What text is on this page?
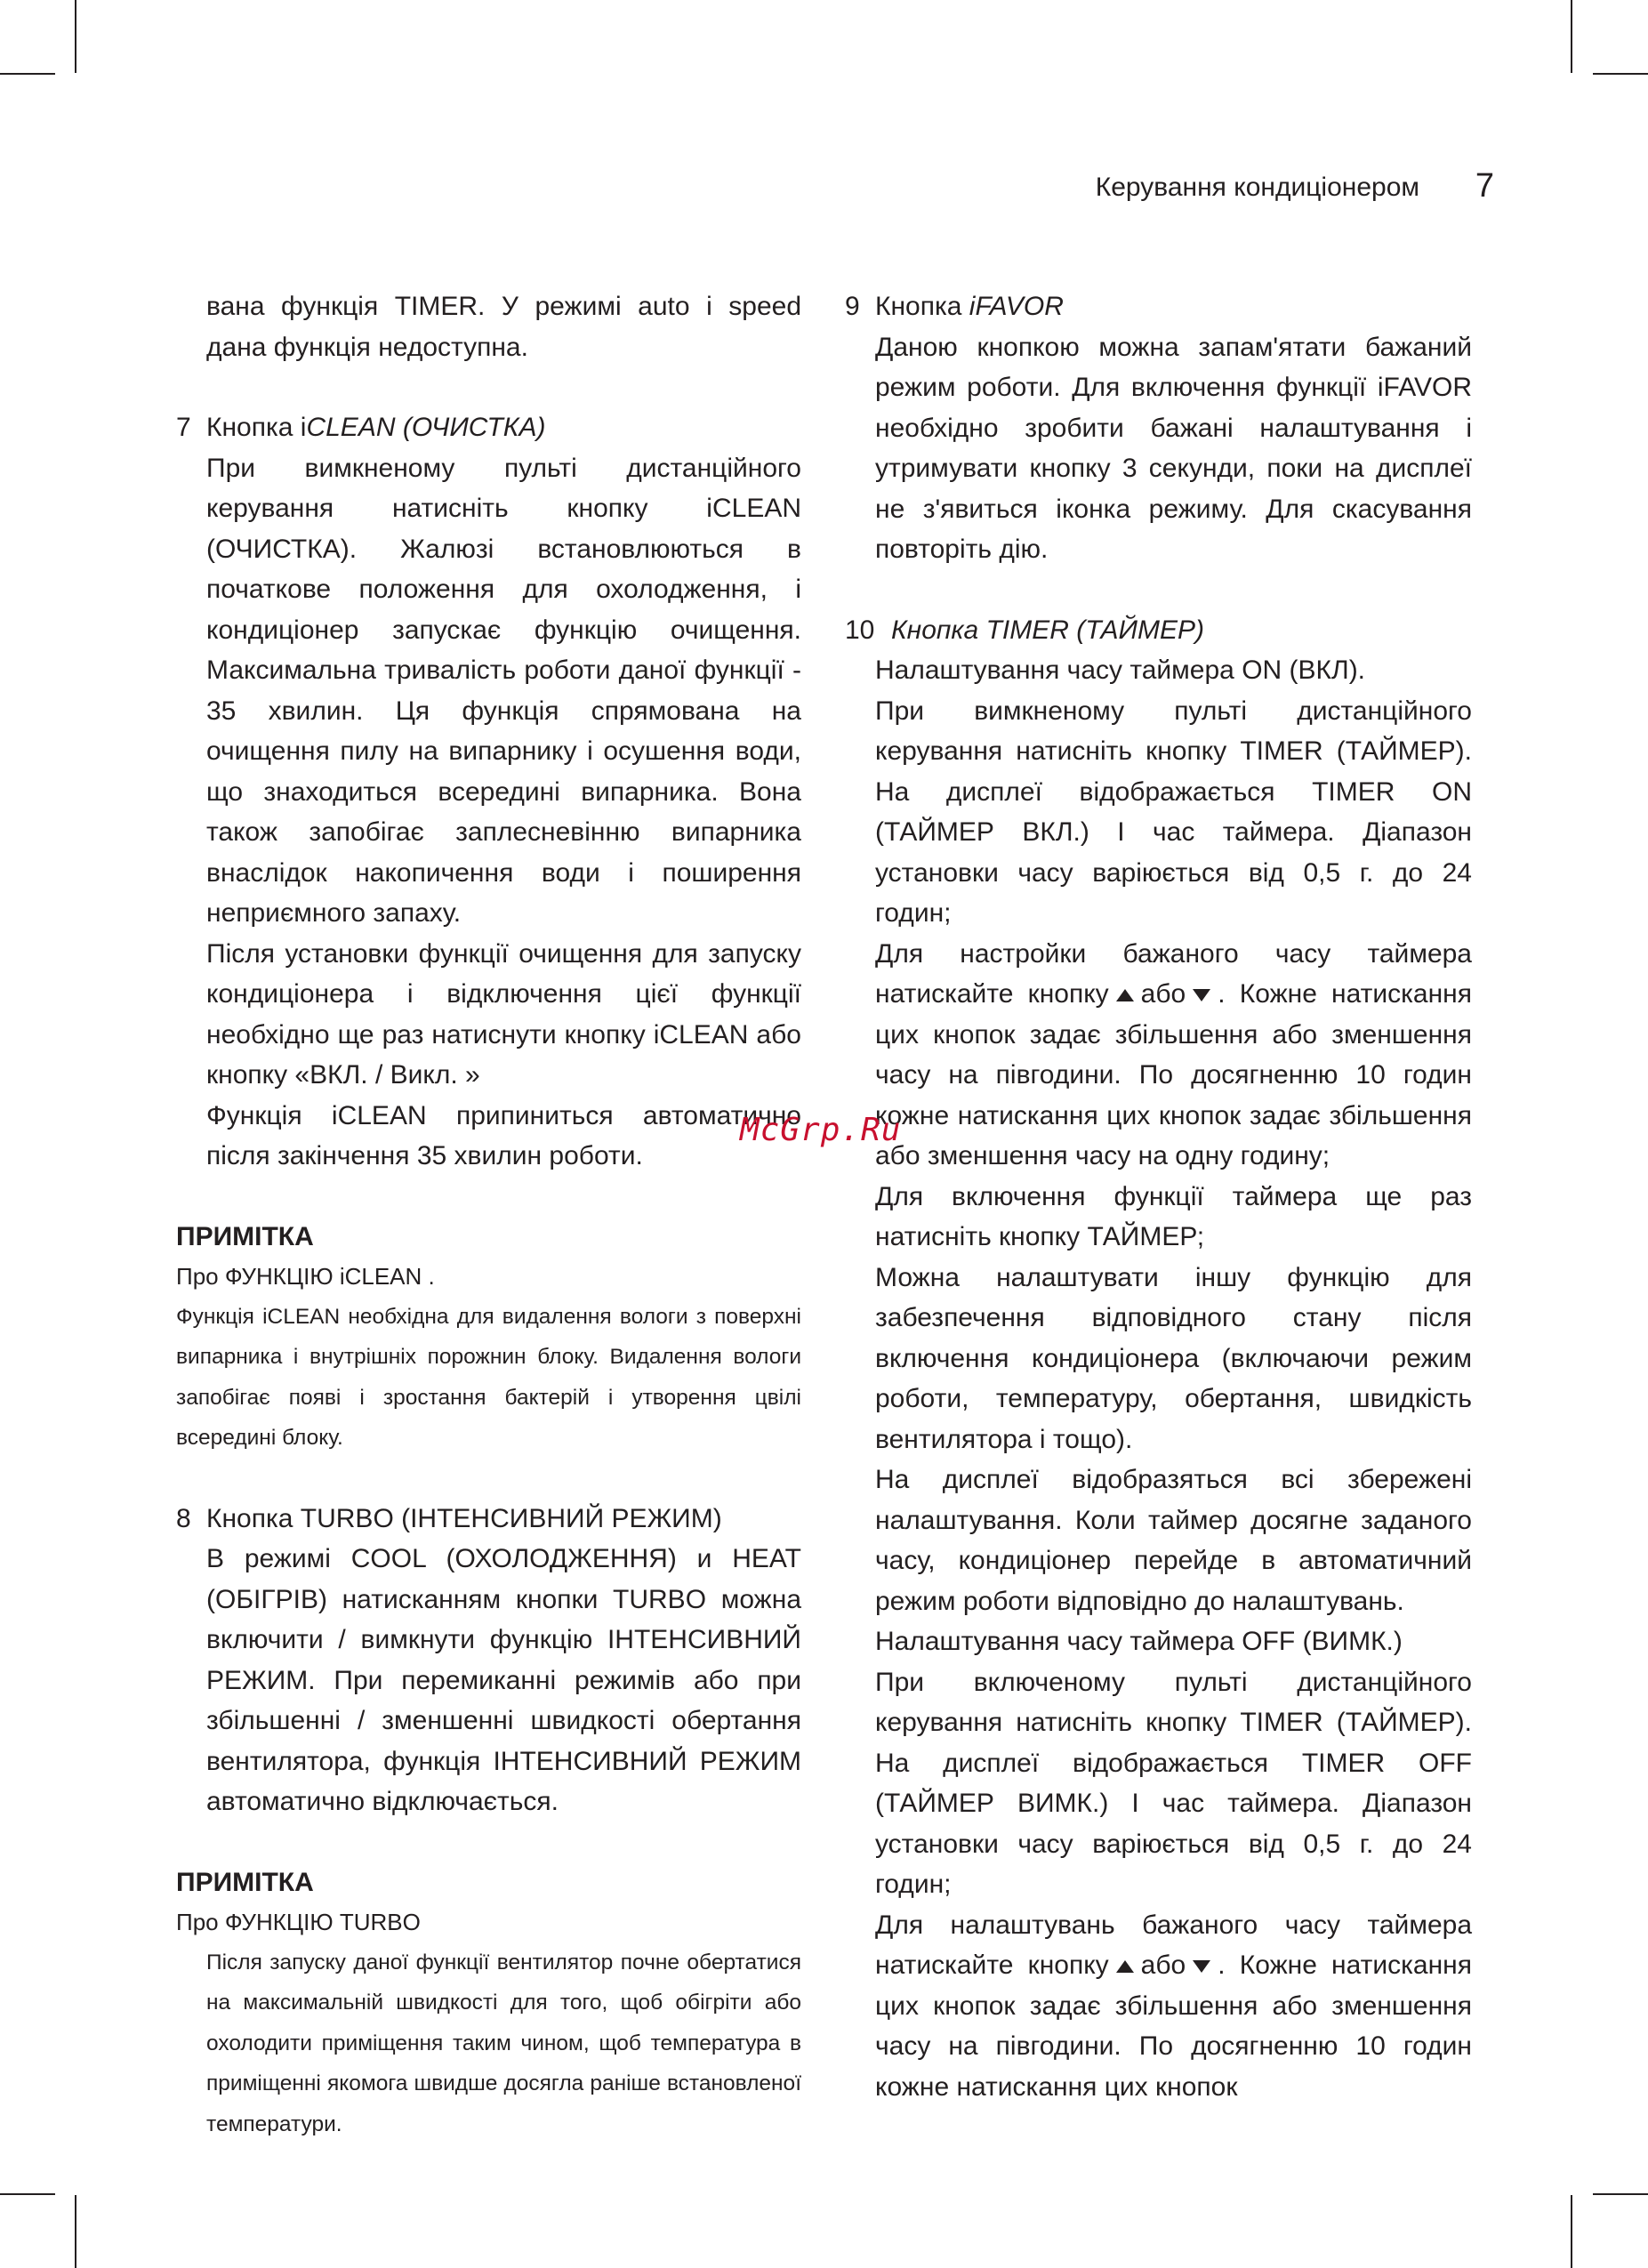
Керування кондиціонером 7

вана функція TIMER. У режимі auto і speed дана функція недоступна.

7 Кнопка iCLEAN (ОЧИСТКА)

При вимкненому пульті дистанційного керування натисніть кнопку iCLEAN (ОЧИСТКА). Жалюзі встановлюються в початкове положення для охолодження, і кондиціонер запускає функцію очищення. Максимальна тривалість роботи даної функції - 35 хвилин. Ця функція спрямована на очищення пилу на випарнику і осушення води, що знаходиться всередині випарника. Вона також запобігає заплесневінню випарника внаслідок накопичення води і поширення неприємного запаху.

Після установки функції очищення для запуску кондиціонера і відключення цієї функції необхідно ще раз натиснути кнопку iCLEAN або кнопку «ВКЛ. / Викл. »

Функція iCLEAN припиниться автоматично після закінчення 35 хвилин роботи.

ПРИМІТКА

Про ФУНКЦІЮ iCLEAN .

Функція iCLEAN необхідна для видалення вологи з поверхні випарника і внутрішніх порожнин блоку. Видалення вологи запобігає появі і зростання бактерій і утворення цвілі всередині блоку.

8 Кнопка TURBO (ІНТЕНСИВНИЙ РЕЖИМ)

В режимі COOL (ОХОЛОДЖЕННЯ) и HEAT (ОБІГРІВ) натисканням кнопки TURBO можна включити / вимкнути функцію ІНТЕНСИВНИЙ РЕЖИМ. При перемиканні режимів або при збільшенні / зменшенні швидкості обертання вентилятора, функція ІНТЕНСИВНИЙ РЕЖИМ автоматично відключається.

ПРИМІТКА

Про ФУНКЦІЮ TURBO

Після запуску даної функції вентилятор почне обертатися на максимальній швидкості для того, щоб обігріти або охолодити приміщення таким чином, щоб температура в приміщенні якомога швидше досягла раніше встановленої температури.

9 Кнопка iFAVOR

Даною кнопкою можна запам'ятати бажаний режим роботи. Для включення функції iFAVOR необхідно зробити бажані налаштування і утримувати кнопку 3 секунди, поки на дисплеї не з'явиться іконка режиму. Для скасування повторіть дію.

10 Кнопка TIMER (ТАЙМЕР)

Налаштування часу таймера ON (ВКЛ).

При вимкненому пульті дистанційного керування натисніть кнопку TIMER (ТАЙМЕР). На дисплеї відображається TIMER ON (ТАЙМЕР ВКЛ.) І час таймера. Діапазон установки часу варіюється від 0,5 г. до 24 годин;

Для настройки бажаного часу таймера натискайте кнопку або . Кожне натискання цих кнопок задає збільшення або зменшення часу на півгодини. По досягненню 10 годин кожне натискання цих кнопок задає збільшення або зменшення часу на одну годину;

Для включення функції таймера ще раз натисніть кнопку ТАЙМЕР;

Можна налаштувати іншу функцію для забезпечення відповідного стану після включення кондиціонера (включаючи режим роботи, температуру, обертання, швидкість вентилятора і тощо).

На дисплеї відобразяться всі збережені налаштування. Коли таймер досягне заданого часу, кондиціонер перейде в автоматичний режим роботи відповідно до налаштувань.

Налаштування часу таймера OFF (ВИМК.)

При включеному пульті дистанційного керування натисніть кнопку TIMER (ТАЙМЕР). На дисплеї відображається TIMER OFF (ТАЙМЕР ВИМК.) І час таймера. Діапазон установки часу варіюється від 0,5 г. до 24 годин;

Для налаштувань бажаного часу таймера натискайте кнопку або . Кожне натискання цих кнопок задає збільшення або зменшення часу на півгодини. По досягненню 10 годин кожне натискання цих кнопок

McGrp.Ru
